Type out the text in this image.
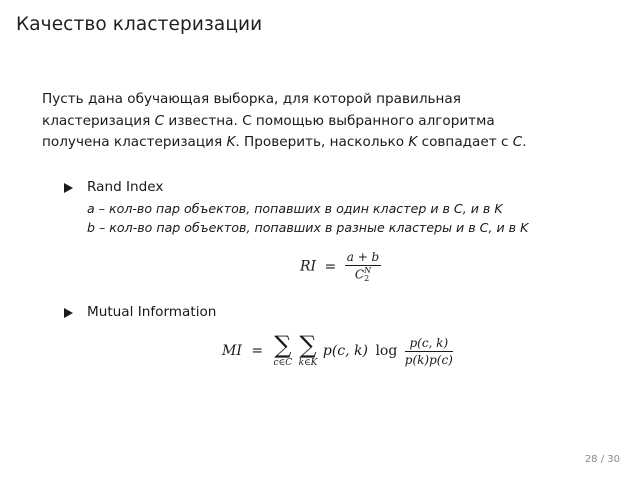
Качество кластеризации

Пусть дана обучающая выборка, для которой правильная

кластеризация C известна. С помощью выбранного алгоритма

получена кластеризация K. Проверить, насколько K совпадает с C.

Rand Index
a – кол-во пар объектов, попавших в один кластер и в C, и в K
b – кол-во пар объектов, попавших в разные кластеры и в C, и в K
RI = a + b
C N
2
Mutual Information
MI = ∑
c∈C

∑
k∈K
p(c, k) $\log \frac{p(c, k)}{p(k)p(c)}$
28 / 30
